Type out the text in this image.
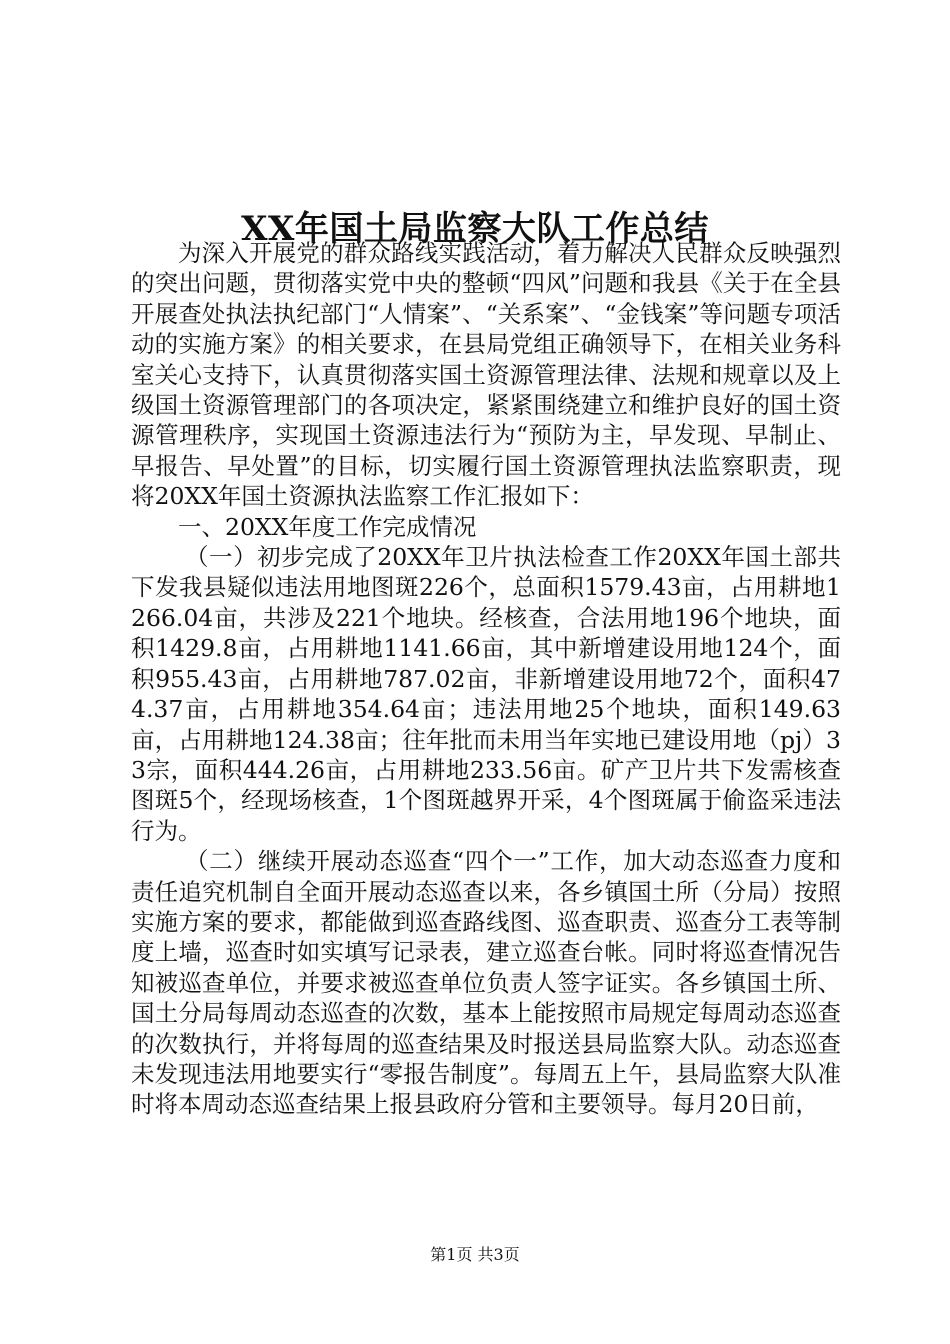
XX年国土局监察大队工作总结

为深入开展党的群众路线实践活动，着力解决人民群众反映强烈的突出问题，贯彻落实党中央的整顿“四风”问题和我县《关于在全县开展查处执法执纪部门“人情案”、“关系案”、“金钱案”等问题专项活动的实施方案》的相关要求，在县局党组正确领导下，在相关业务科室关心支持下，认真贯彻落实国土资源管理法律、法规和规章以及上级国土资源管理部门的各项决定，紧紧围绕建立和维护良好的国土资源管理秩序，实现国土资源违法行为“预防为主，早发现、早制止、早报告、早处置”的目标，切实履行国土资源管理执法监察职责，现将20XX年国土资源执法监察工作汇报如下：

一、20XX年度工作完成情况

（一）初步完成了20XX年卫片执法检查工作20XX年国土部共下发我县疑似违法用地图斑226个，总面积1579.43亩，占用耕地1266.04亩，共涉及221个地块。经核查，合法用地196个地块，面积1429.8亩，占用耕地1141.66亩，其中新增建设用地124个，面积955.43亩，占用耕地787.02亩，非新增建设用地72个，面积474.37亩，占用耕地354.64亩；违法用地25个地块，面积149.63亩，占用耕地124.38亩；往年批而未用当年实地已建设用地（pj）33宗，面积444.26亩，占用耕地233.56亩。矿产卫片共下发需核查图斑5个，经现场核查，1个图斑越界开采，4个图斑属于偷盗采违法行为。

（二）继续开展动态巡查“四个一”工作，加大动态巡查力度和责任追究机制自全面开展动态巡查以来，各乡镇国土所（分局）按照实施方案的要求，都能做到巡查路线图、巡查职责、巡查分工表等制度上墙，巡查时如实填写记录表，建立巡查台帐。同时将巡查情况告知被巡查单位，并要求被巡查单位负责人签字证实。各乡镇国土所、国土分局每周动态巡查的次数，基本上能按照市局规定每周动态巡查的次数执行，并将每周的巡查结果及时报送县局监察大队。动态巡查未发现违法用地要实行“零报告制度”。每周五上午，县局监察大队准时将本周动态巡查结果上报县政府分管和主要领导。每月20日前，

第1页 共3页
